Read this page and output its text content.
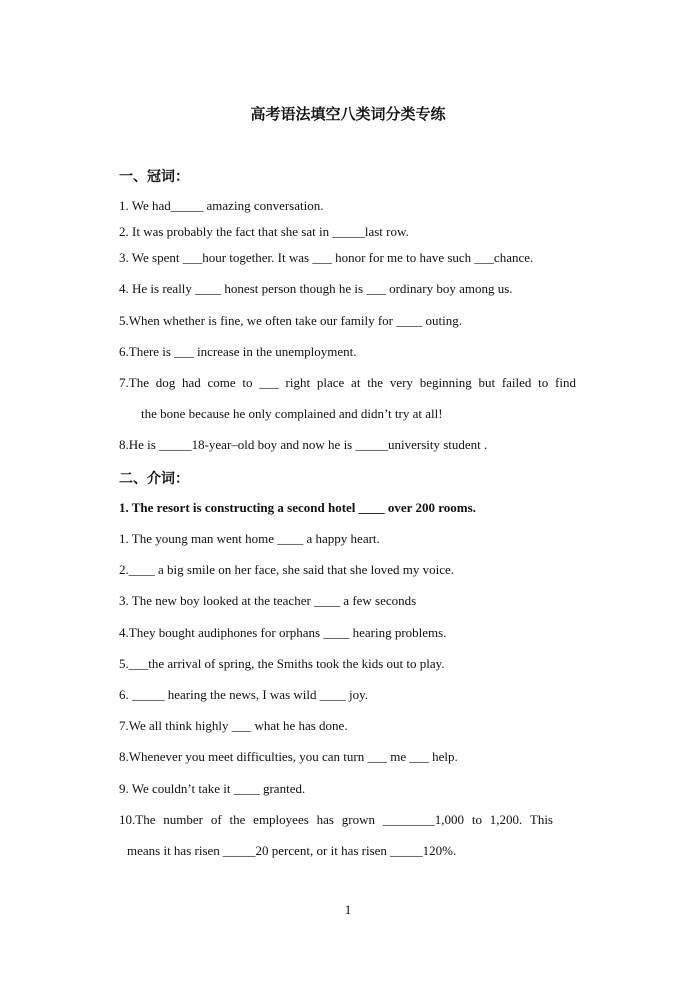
高考语法填空八类词分类专练
一、冠词：
1. We had_____ amazing conversation.
2. It was probably the fact that she sat in _____last row.
3. We spent ___hour together. It was ___ honor for me to have such ___chance.
4. He is really ____ honest person though he is ___ ordinary boy among us.
5.When whether is fine, we often take our family for ____ outing.
6.There is ___ increase in the unemployment.
7.The dog had come to ___ right place at the very beginning but failed to find
the bone because he only complained and didn’t try at all!
8.He is _____18-year–old boy and now he is _____university student .
二、介词：
1. The resort is constructing a second hotel ____ over 200 rooms.
1. The young man went home ____ a happy heart.
2.____ a big smile on her face, she said that she loved my voice.
3. The new boy looked at the teacher ____ a few seconds
4.They bought audiphones for orphans ____ hearing problems.
5.___the arrival of spring, the Smiths took the kids out to play.
6. _____ hearing the news, I was wild ____ joy.
7.We all think highly ___ what he has done.
8.Whenever you meet difficulties, you can turn ___ me ___ help.
9. We couldn’t take it ____ granted.
10.The number of the employees has grown ________1,000 to 1,200. This
means it has risen _____20 percent, or it has risen _____120%.
1
